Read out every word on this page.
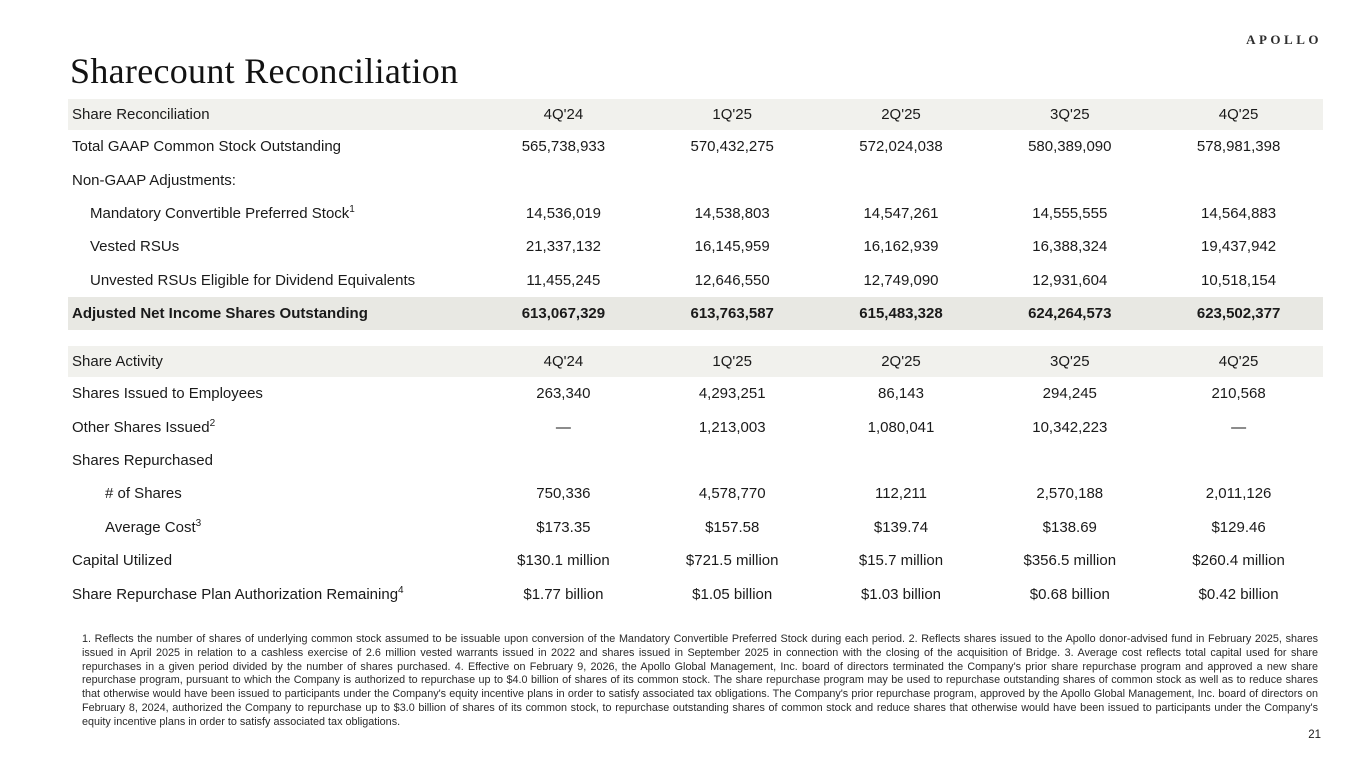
APOLLO
Sharecount Reconciliation
Share Reconciliation	4Q'24	1Q'25	2Q'25	3Q'25	4Q'25
Total GAAP Common Stock Outstanding	565,738,933	570,432,275	572,024,038	580,389,090	578,981,398
Non-GAAP Adjustments:
Mandatory Convertible Preferred Stock$^1$	14,536,019	14,538,803	14,547,261	14,555,555	14,564,883
Vested RSUs	21,337,132	16,145,959	16,162,939	16,388,324	19,437,942
Unvested RSUs Eligible for Dividend Equivalents	11,455,245	12,646,550	12,749,090	12,931,604	10,518,154
Adjusted Net Income Shares Outstanding	613,067,329	613,763,587	615,483,328	624,264,573	623,502,377
Share Activity	4Q'24	1Q'25	2Q'25	3Q'25	4Q'25
Shares Issued to Employees	263,340	4,293,251	86,143	294,245	210,568
Other Shares Issued$^2$	—	1,213,003	1,080,041	10,342,223	—
Shares Repurchased
# of Shares	750,336	4,578,770	112,211	2,570,188	2,011,126
Average Cost$^3$	$173.35	$157.58	$139.74	$138.69	$129.46
Capital Utilized	$130.1 million	$721.5 million	$15.7 million	$356.5 million	$260.4 million
Share Repurchase Plan Authorization Remaining$^4$	$1.77 billion	$1.05 billion	$1.03 billion	$0.68 billion	$0.42 billion

1. Reflects the number of shares of underlying common stock assumed to be issuable upon conversion of the Mandatory Convertible Preferred Stock during each period. 2. Reflects shares issued to the Apollo donor-advised fund in February 2025, shares issued in April 2025 in relation to a cashless exercise of 2.6 million vested warrants issued in 2022 and shares issued in September 2025 in connection with the closing of the acquisition of Bridge. 3. Average cost reflects total capital used for share repurchases in a given period divided by the number of shares purchased. 4. Effective on February 9, 2026, the Apollo Global Management, Inc. board of directors terminated the Company's prior share repurchase program and approved a new share repurchase program, pursuant to which the Company is authorized to repurchase up to $4.0 billion of shares of its common stock. The share repurchase program may be used to repurchase outstanding shares of common stock as well as to reduce shares that otherwise would have been issued to participants under the Company's equity incentive plans in order to satisfy associated tax obligations. The Company's prior repurchase program, approved by the Apollo Global Management, Inc. board of directors on February 8, 2024, authorized the Company to repurchase up to $3.0 billion of shares of its common stock, to repurchase outstanding shares of common stock and reduce shares that otherwise would have been issued to participants under the Company's equity incentive plans in order to satisfy associated tax obligations.

21
